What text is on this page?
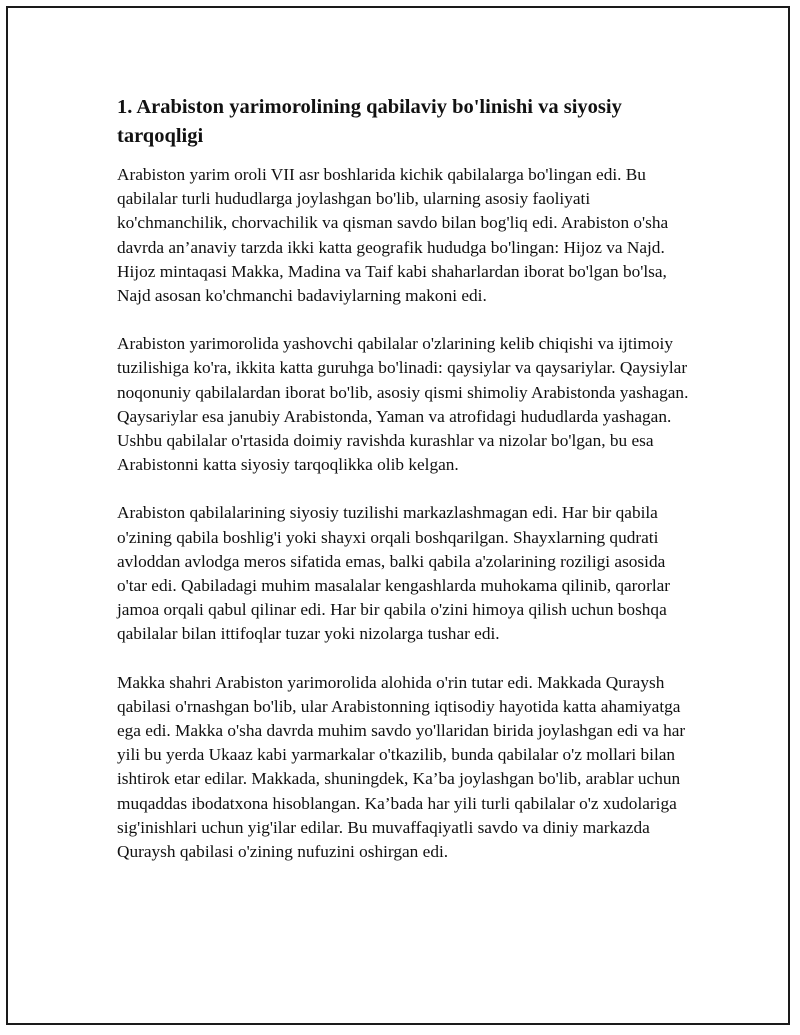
1. Arabiston yarimorolining qabilaviy bo'linishi va siyosiy tarqoqligi

Arabiston yarim oroli VII asr boshlarida kichik qabilalarga bo'lingan edi. Bu qabilalar turli hududlarga joylashgan bo'lib, ularning asosiy faoliyati ko'chmanchilik, chorvachilik va qisman savdo bilan bog'liq edi. Arabiston o'sha davrda an’anaviy tarzda ikki katta geografik hududga bo'lingan: Hijoz va Najd. Hijoz mintaqasi Makka, Madina va Taif kabi shaharlardan iborat bo'lgan bo'lsa, Najd asosan ko'chmanchi badaviylarning makoni edi.

Arabiston yarimorolida yashovchi qabilalar o'zlarining kelib chiqishi va ijtimoiy tuzilishiga ko'ra, ikkita katta guruhga bo'linadi: qaysiylar va qaysariylar. Qaysiylar noqonuniy qabilalardan iborat bo'lib, asosiy qismi shimoliy Arabistonda yashagan. Qaysariylar esa janubiy Arabistonda, Yaman va atrofidagi hududlarda yashagan. Ushbu qabilalar o'rtasida doimiy ravishda kurashlar va nizolar bo'lgan, bu esa Arabistonni katta siyosiy tarqoqlikka olib kelgan.

Arabiston qabilalarining siyosiy tuzilishi markazlashmagan edi. Har bir qabila o'zining qabila boshlig'i yoki shayxi orqali boshqarilgan. Shayxlarning qudrati avloddan avlodga meros sifatida emas, balki qabila a'zolarining roziligi asosida o'tar edi. Qabiladagi muhim masalalar kengashlarda muhokama qilinib, qarorlar jamoa orqali qabul qilinar edi. Har bir qabila o'zini himoya qilish uchun boshqa qabilalar bilan ittifoqlar tuzar yoki nizolarga tushar edi.

Makka shahri Arabiston yarimorolida alohida o'rin tutar edi. Makkada Quraysh qabilasi o'rnashgan bo'lib, ular Arabistonning iqtisodiy hayotida katta ahamiyatga ega edi. Makka o'sha davrda muhim savdo yo'llaridan birida joylashgan edi va har yili bu yerda Ukaaz kabi yarmarkalar o'tkazilib, bunda qabilalar o'z mollari bilan ishtirok etar edilar. Makkada, shuningdek, Ka’ba joylashgan bo'lib, arablar uchun muqaddas ibodatxona hisoblangan. Ka’bada har yili turli qabilalar o'z xudolariga sig'inishlari uchun yig'ilar edilar. Bu muvaffaqiyatli savdo va diniy markazda Quraysh qabilasi o'zining nufuzini oshirgan edi.
